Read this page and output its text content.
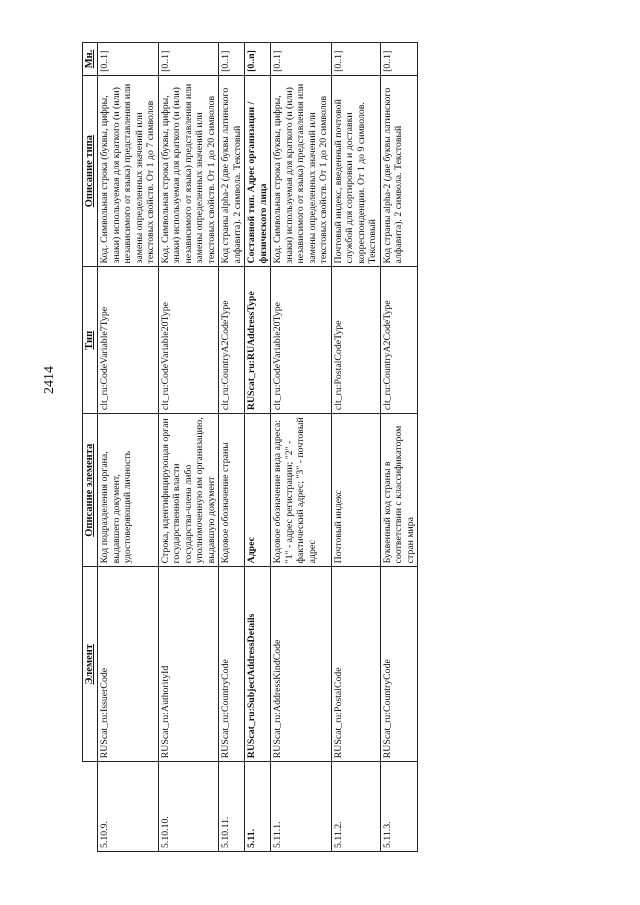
2414
	Элемент	Описание элемента	Тип	Описание типа	Мн.
5.10.9.	RUScat_ru:IssuerCode	Код подразделения органа, выдавшего документ, удостоверяющий личность	clt_ru:CodeVariable7Type	Код. Символьная строка (буквы, цифры, знаки) используемая для краткого (и (или) независимого от языка) представления или замены определенных значений или текстовых свойств. От 1 до 7 символов	[0..1]
5.10.10.	RUScat_ru:AuthorityId	Строка, идентифицирующая орган государственной власти государства-члена либо уполномоченную им организацию, выдавшую документ	clt_ru:CodeVariable20Type	Код. Символьная строка (буквы, цифры, знаки) используемая для краткого (и (или) независимого от языка) представления или замены определенных значений или текстовых свойств. От 1 до 20 символов	[0..1]
5.10.11.	RUScat_ru:CountryCode	Кодовое обозначение страны	clt_ru:CountryA2CodeType	Код страны alpha-2 (две буквы латинского алфавита). 2 символа. Текстовый	[0..1]
5.11.	RUScat_ru:SubjectAddressDetails	Адрес	RUScat_ru:RUAddressType	Составной тип. Адрес организации / физического лица	[0..n]
5.11.1.	RUScat_ru:AddressKindCode	Кодовое обозначение вида адреса: "1" - адрес регистрации; "2" - фактический адрес; "3" - почтовый адрес	clt_ru:CodeVariable20Type	Код. Символьная строка (буквы, цифры, знаки) используемая для краткого (и (или) независимого от языка) представления или замены определенных значений или текстовых свойств. От 1 до 20 символов	[0..1]
5.11.2.	RUScat_ru:PostalCode	Почтовый индекс	clt_ru:PostalCodeType	Почтовый индекс, введенный почтовой службой для сортировки и доставки корреспонденции. От 1 до 9 символов. Текстовый	[0..1]
5.11.3.	RUScat_ru:CountryCode	Буквенный код страны в соответствии с классификатором стран мира	clt_ru:CountryA2CodeType	Код страны alpha-2 (две буквы латинского алфавита). 2 символа. Текстовый	[0..1]
